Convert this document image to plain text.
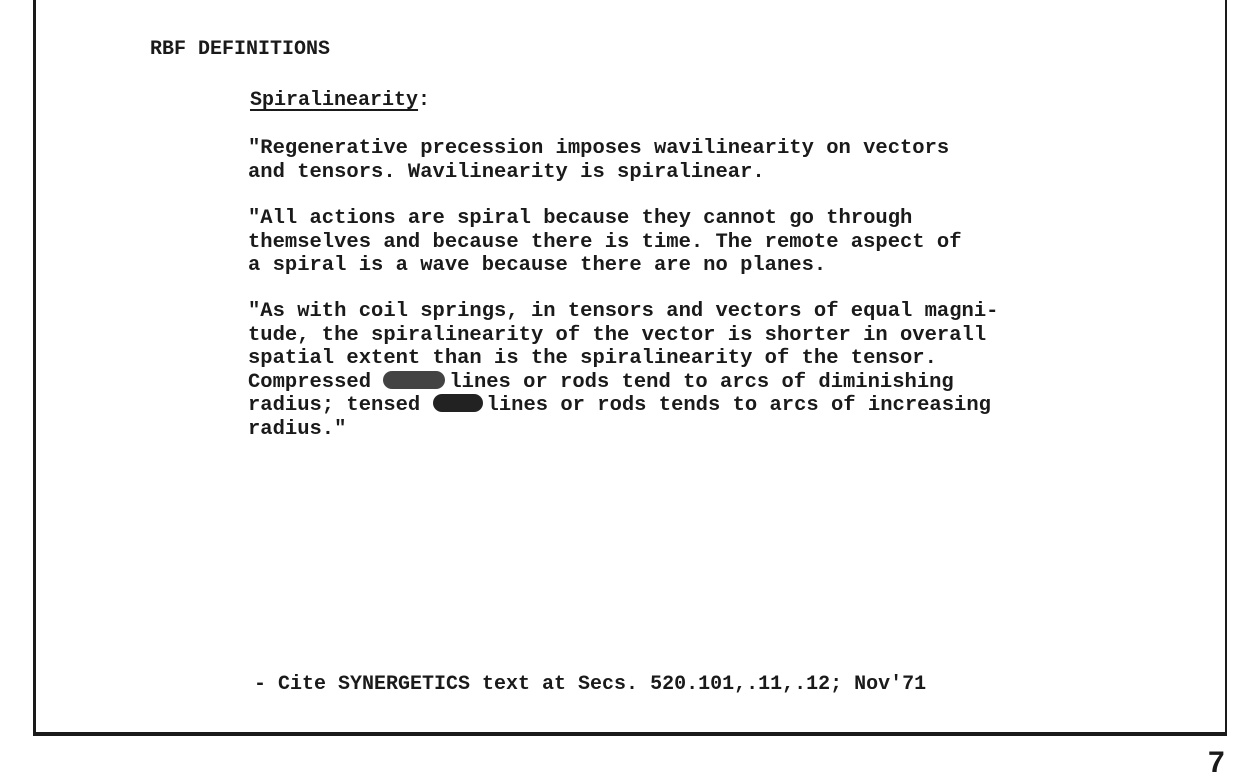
RBF DEFINITIONS
Spiralinearity:
"Regenerative precession imposes wavilinearity on vectors
and tensors. Wavilinearity is spiralinear.
"All actions are spiral because they cannot go through
themselves and because there is time. The remote aspect of
a spiral is a wave because there are no planes.
"As with coil springs, in tensors and vectors of equal magni-
tude, the spiralinearity of the vector is shorter in overall
spatial extent than is the spiralinearity of the tensor.
Compressed	lines or rods tend to arcs of diminishing
radius; tensed	lines or rods tends to arcs of increasing
radius."
- Cite SYNERGETICS text at Secs. 520.101,.11,.12; Nov'71
7
